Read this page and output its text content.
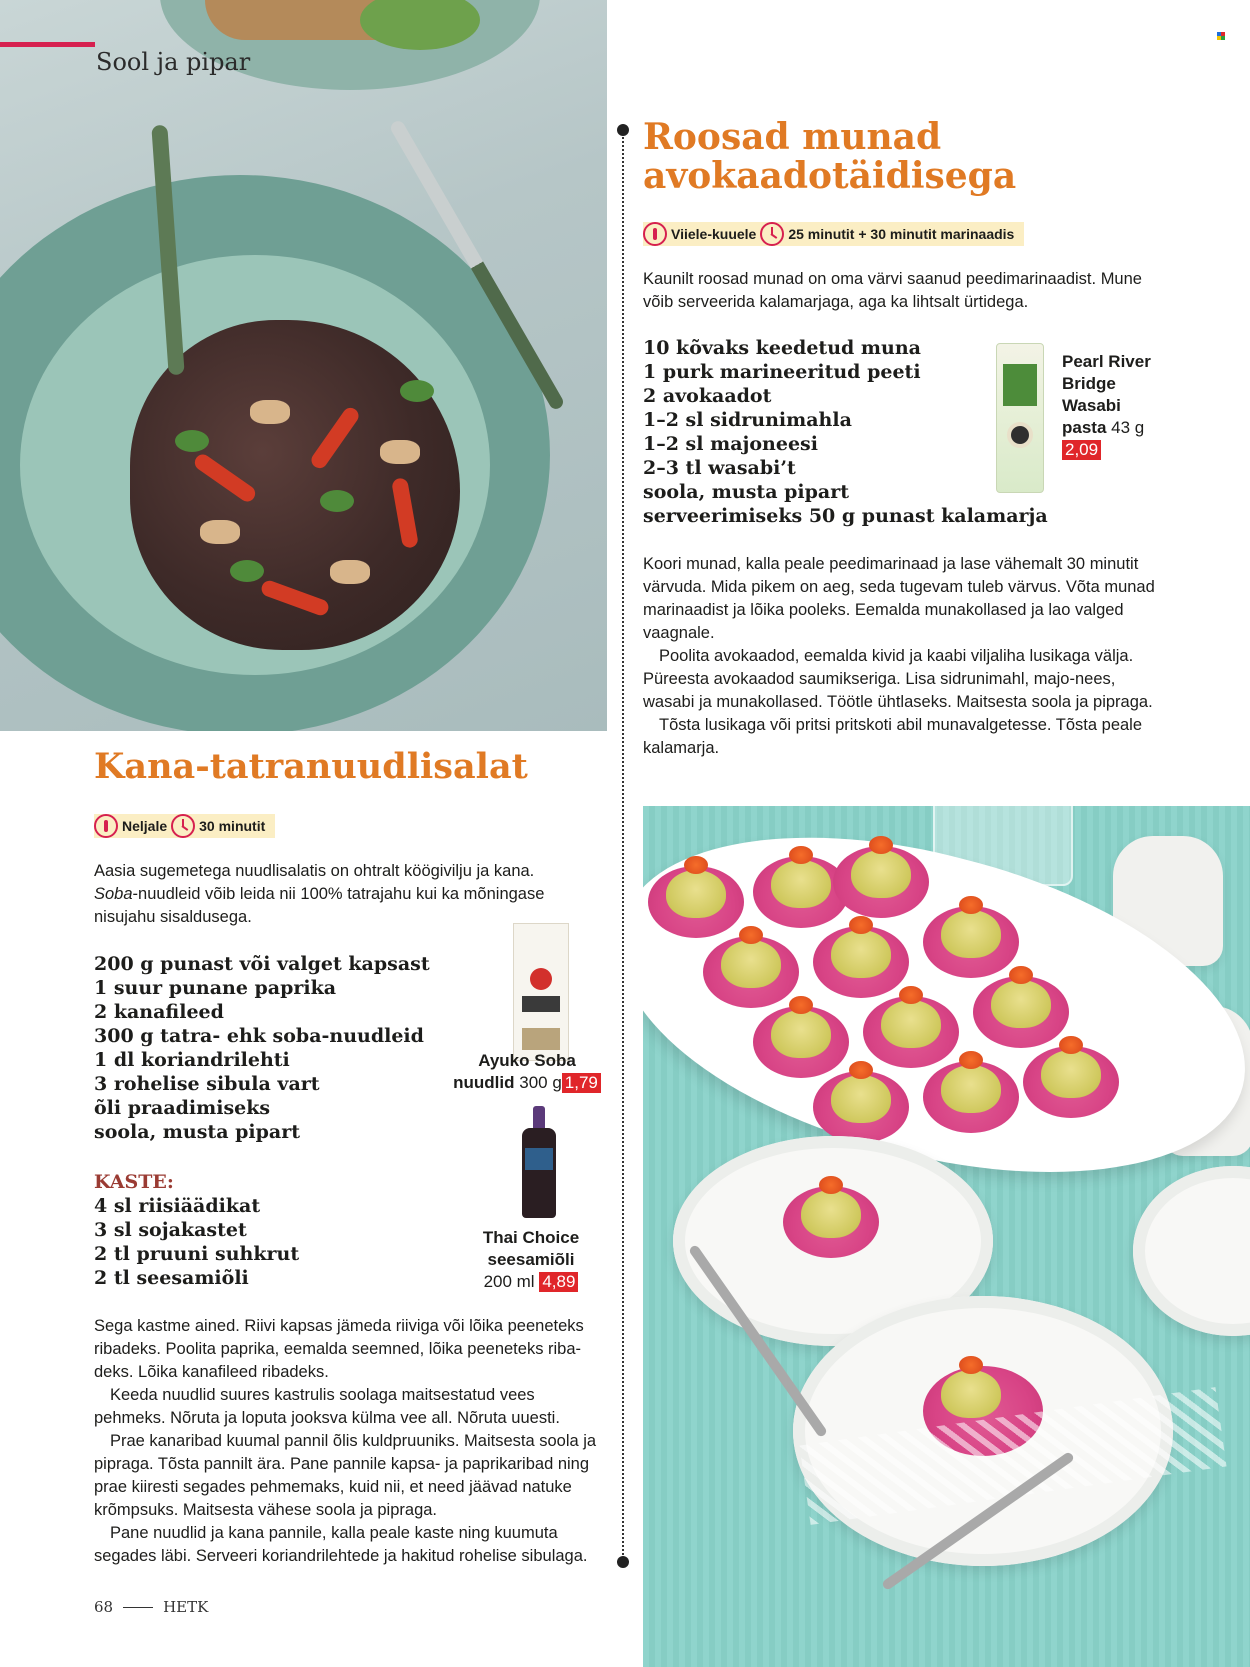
Sool ja pipar
Roosad munad
avokaadotäidisega
Viiele-kuuele 25 minutit + 30 minutit marinaadis

Kaunilt roosad munad on oma värvi saanud peedimarinaadist. Mune võib serveerida kalamarjaga, aga ka lihtsalt ürtidega.

10 kõvaks keedetud muna
1 purk marineeritud peeti
2 avokaadot
1–2 sl sidrunimahla
1–2 sl majoneesi
2–3 tl wasabi’t
soola, musta pipart
serveerimiseks 50 g punast kalamarja
Pearl River
Bridge
Wasabi
pasta 43 g
2,09

Koori munad, kalla peale peedimarinaad ja lase vähemalt 30 minutit värvuda. Mida pikem on aeg, seda tugevam tuleb värvus. Võta munad marinaadist ja lõika pooleks. Eemalda munakollased ja lao valged vaagnale.

Poolita avokaadod, eemalda kivid ja kaabi viljaliha lusikaga välja. Püreesta avokaadod saumikseriga. Lisa sidrunimahl, majo-nees, wasabi ja munakollased. Töötle ühtlaseks. Maitsesta soola ja pipraga.

Tõsta lusikaga või pritsi pritskoti abil munavalgetesse. Tõsta peale kalamarja.

Kana-tatranuudlisalat
Neljale 30 minutit

Aasia sugemetega nuudlisalatis on ohtralt köögivilju ja kana.
Soba-nuudleid võib leida nii 100% tatrajahu kui ka mõningase nisujahu sisaldusega.

200 g punast või valget kapsast
1 suur punane paprika
2 kanafileed
300 g tatra- ehk soba-nuudleid
1 dl koriandrilehti
3 rohelise sibula vart
õli praadimiseks
soola, musta pipart
KASTE:
4 sl riisiäädikat
3 sl sojakastet
2 tl pruuni suhkrut
2 tl seesamiõli
Ayuko Soba
nuudlid 300 g 1,79
Thai Choice
seesamiõli
200 ml 4,89

Sega kastme ained. Riivi kapsas jämeda riiviga või lõika peeneteks ribadeks. Poolita paprika, eemalda seemned, lõika peeneteks riba-deks. Lõika kanafileed ribadeks.

Keeda nuudlid suures kastrulis soolaga maitsestatud vees pehmeks. Nõruta ja loputa jooksva külma vee all. Nõruta uuesti.

Prae kanaribad kuumal pannil õlis kuldpruuniks. Maitsesta soola ja pipraga. Tõsta pannilt ära. Pane pannile kapsa- ja paprikaribad ning prae kiiresti segades pehmemaks, kuid nii, et need jäävad natuke krõmpsuks. Maitsesta vähese soola ja pipraga.

Pane nuudlid ja kana pannile, kalla peale kaste ning kuumuta segades läbi. Serveeri koriandrilehtede ja hakitud rohelise sibulaga.

68	HETK
